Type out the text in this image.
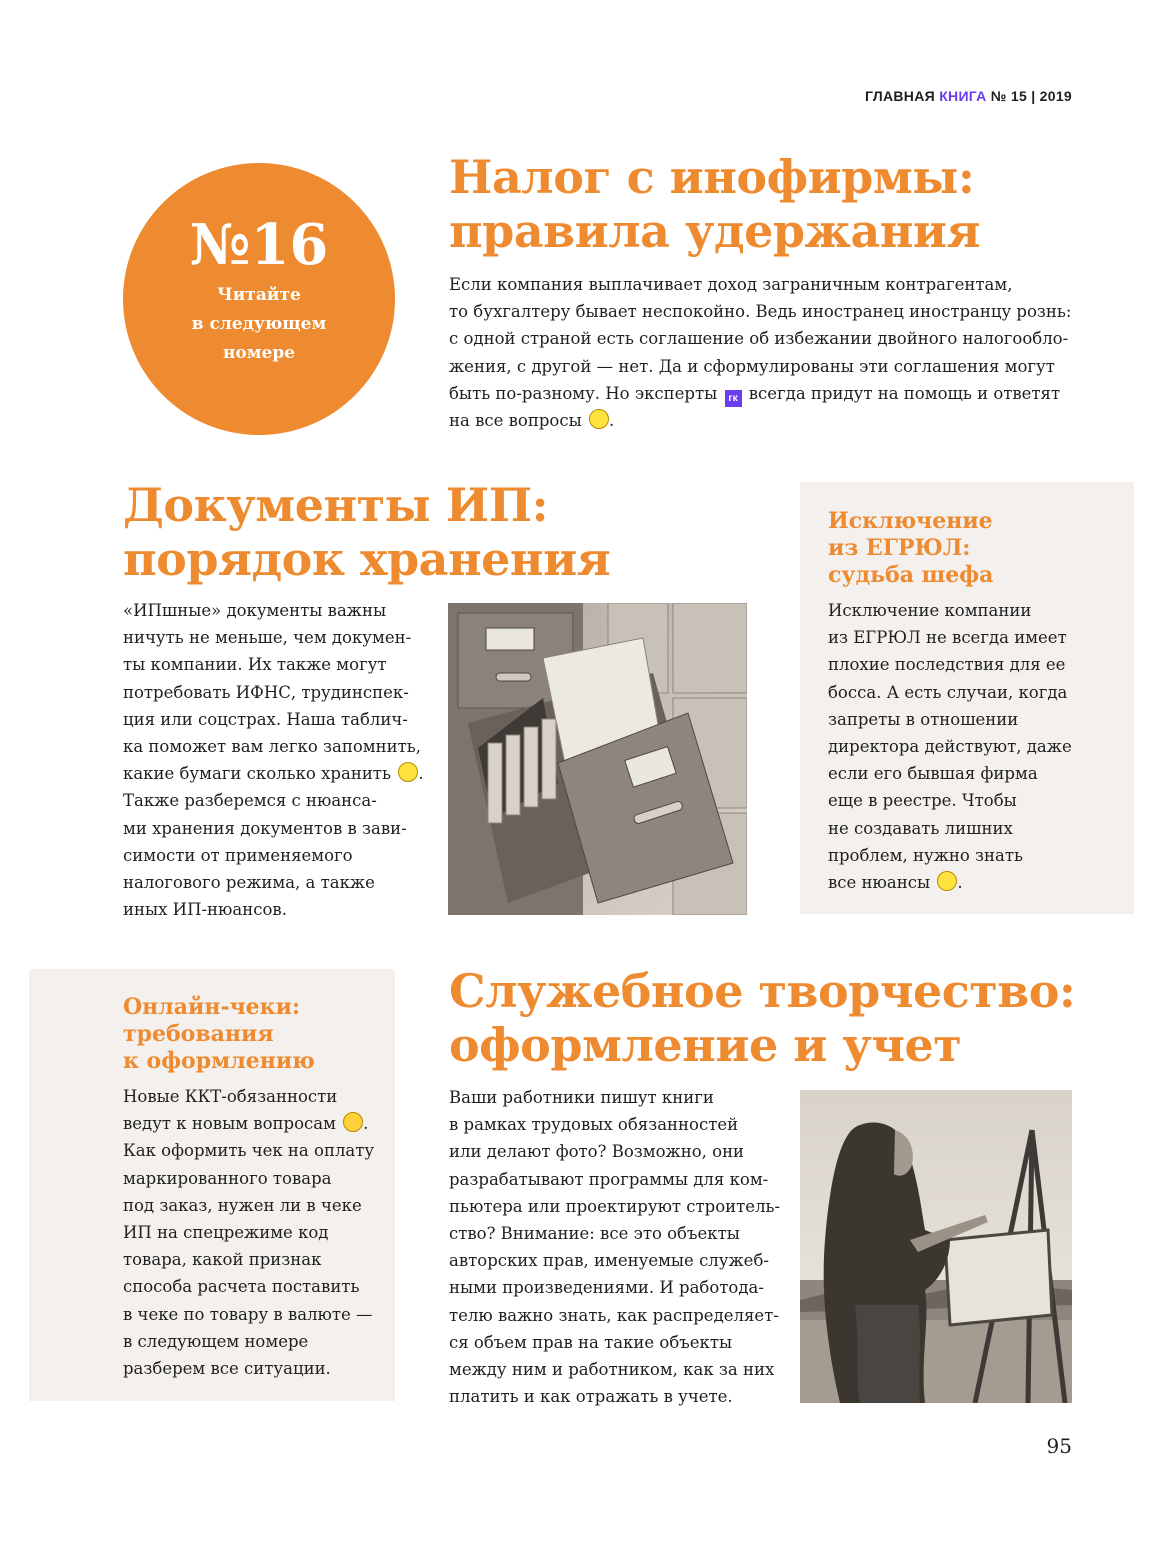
ГЛАВНАЯ КНИГА № 15 | 2019
№16
Читайте
в следующем
номере
Налог с инофирмы:
правила удержания

Если компания выплачивает доход заграничным контрагентам,

то бухгалтеру бывает неспокойно. Ведь иностранец иностранцу рознь:

с одной страной есть соглашение об избежании двойного налогообло-

жения, с другой — нет. Да и сформулированы эти соглашения могут

быть по-разному. Но эксперты гк всегда придут на помощь и ответят

на все вопросы .

Документы ИП:
порядок хранения

«ИПшные» документы важны

ничуть не меньше, чем докумен-

ты компании. Их также могут

потребовать ИФНС, трудинспек-

ция или соцстрах. Наша таблич-

ка поможет вам легко запомнить,

какие бумаги сколько хранить .

Также разберемся с нюанса-

ми хранения документов в зави-

симости от применяемого

налогового режима, а также

иных ИП-нюансов.

Исключение
из ЕГРЮЛ:
судьба шефа

Исключение компании

из ЕГРЮЛ не всегда имеет

плохие последствия для ее

босса. А есть случаи, когда

запреты в отношении

директора действуют, даже

если его бывшая фирма

еще в реестре. Чтобы

не создавать лишних

проблем, нужно знать

все нюансы .

Онлайн-чеки:
требования
к оформлению

Новые ККТ-обязанности

ведут к новым вопросам .

Как оформить чек на оплату

маркированного товара

под заказ, нужен ли в чеке

ИП на спецрежиме код

товара, какой признак

способа расчета поставить

в чеке по товару в валюте —

в следующем номере

разберем все ситуации.

Служебное творчество:
оформление и учет

Ваши работники пишут книги

в рамках трудовых обязанностей

или делают фото? Возможно, они

разрабатывают программы для ком-

пьютера или проектируют строитель-

ство? Внимание: все это объекты

авторских прав, именуемые служеб-

ными произведениями. И работода-

телю важно знать, как распределяет-

ся объем прав на такие объекты

между ним и работником, как за них

платить и как отражать в учете.

95
